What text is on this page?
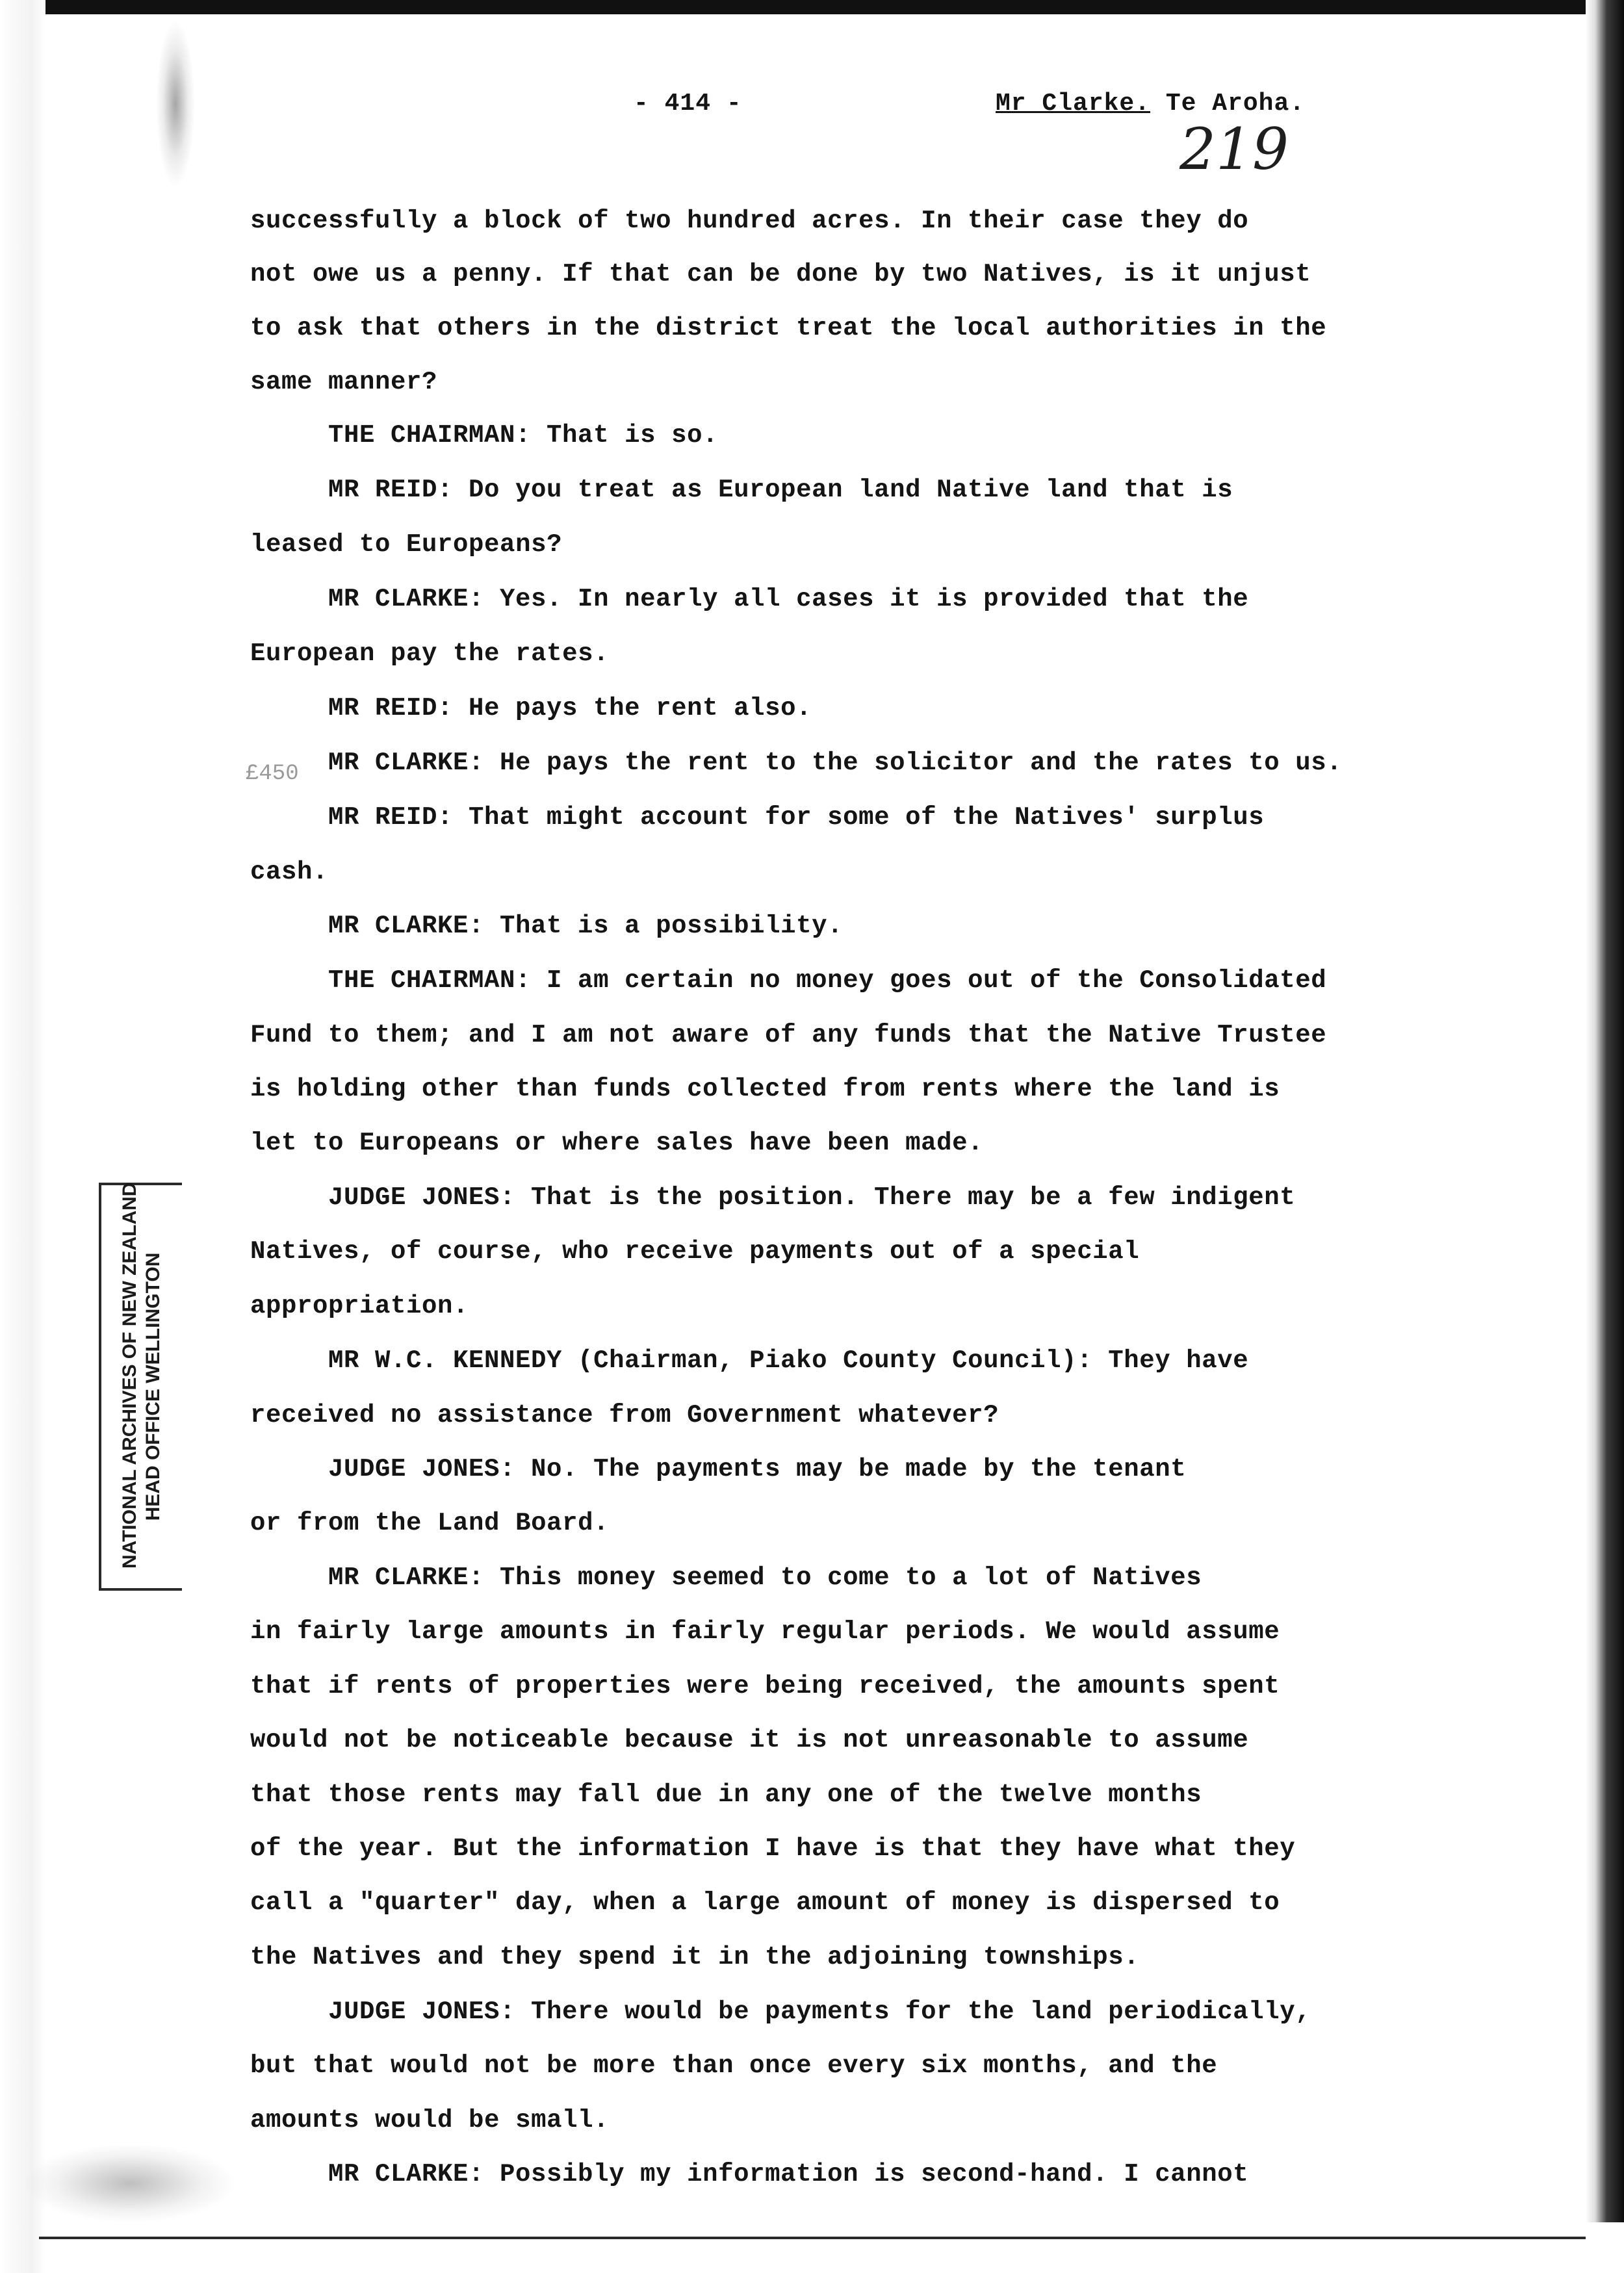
- 414 -	Mr Clarke. Te Aroha.
219
NATIONAL ARCHIVES OF NEW ZEALAND HEAD OFFICE WELLINGTON
£450
successfully a block of two hundred acres. In their case they do
not owe us a penny. If that can be done by two Natives, is it unjust
to ask that others in the district treat the local authorities in the
same manner?
THE CHAIRMAN: That is so.
MR REID: Do you treat as European land Native land that is
leased to Europeans?
MR CLARKE: Yes. In nearly all cases it is provided that the
European pay the rates.
MR REID: He pays the rent also.
MR CLARKE: He pays the rent to the solicitor and the rates to us.
MR REID: That might account for some of the Natives' surplus
cash.
MR CLARKE: That is a possibility.
THE CHAIRMAN: I am certain no money goes out of the Consolidated
Fund to them; and I am not aware of any funds that the Native Trustee
is holding other than funds collected from rents where the land is
let to Europeans or where sales have been made.
JUDGE JONES: That is the position. There may be a few indigent
Natives, of course, who receive payments out of a special
appropriation.
MR W.C. KENNEDY (Chairman, Piako County Council): They have
received no assistance from Government whatever?
JUDGE JONES: No. The payments may be made by the tenant
or from the Land Board.
MR CLARKE: This money seemed to come to a lot of Natives
in fairly large amounts in fairly regular periods. We would assume
that if rents of properties were being received, the amounts spent
would not be noticeable because it is not unreasonable to assume
that those rents may fall due in any one of the twelve months
of the year. But the information I have is that they have what they
call a "quarter" day, when a large amount of money is dispersed to
the Natives and they spend it in the adjoining townships.
JUDGE JONES: There would be payments for the land periodically,
but that would not be more than once every six months, and the
amounts would be small.
MR CLARKE: Possibly my information is second-hand. I cannot
